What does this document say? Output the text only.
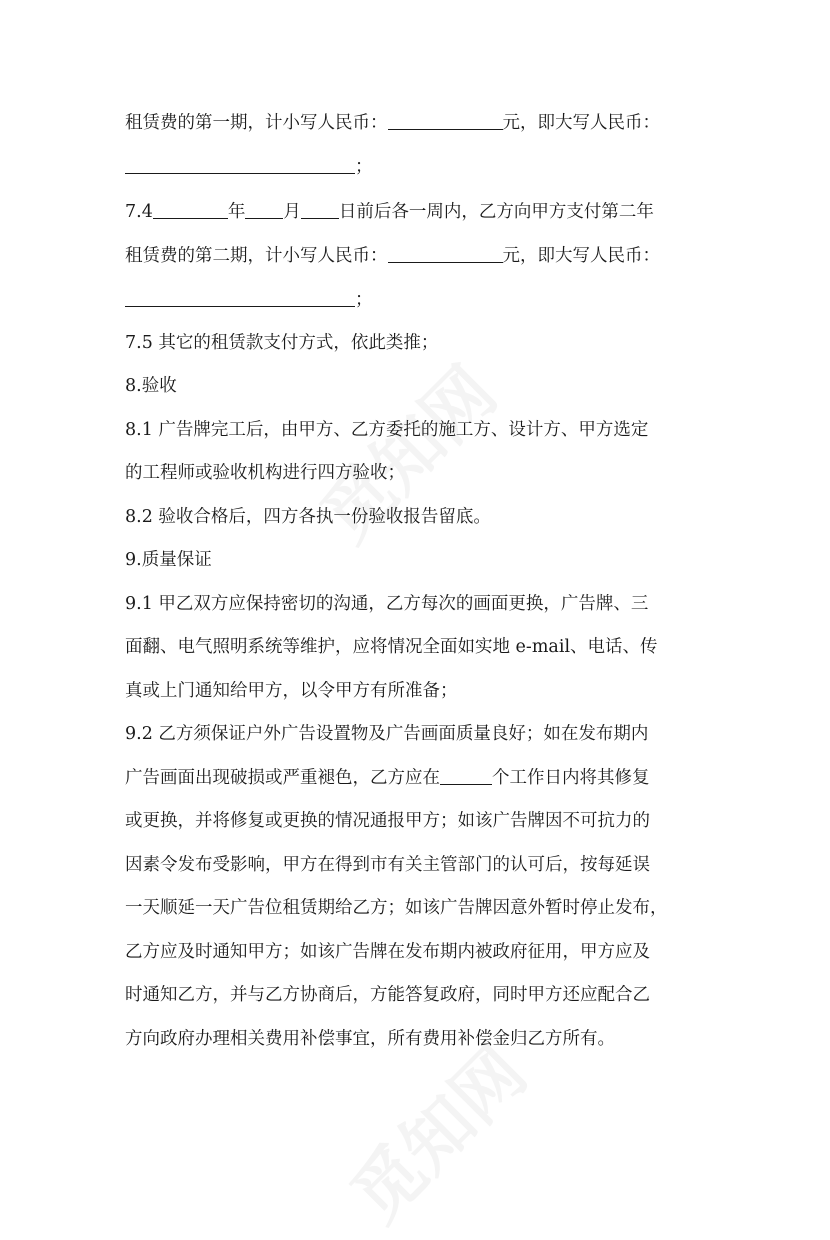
租赁费的第一期，计小写人民币：	元，即大写人民币：
；
7.4	年 月 日前后各一周内，乙方向甲方支付第二年
租赁费的第二期，计小写人民币：	元，即大写人民币：
；
7.5 其它的租赁款支付方式，依此类推；
8.验收
8.1 广告牌完工后，由甲方、乙方委托的施工方、设计方、甲方选定
的工程师或验收机构进行四方验收；
8.2 验收合格后，四方各执一份验收报告留底。
9.质量保证
9.1 甲乙双方应保持密切的沟通，乙方每次的画面更换，广告牌、三
面翻、电气照明系统等维护，应将情况全面如实地 e-mail、电话、传
真或上门通知给甲方，以令甲方有所准备；
9.2 乙方须保证户外广告设置物及广告画面质量良好；如在发布期内
广告画面出现破损或严重褪色，乙方应在	个工作日内将其修复
或更换，并将修复或更换的情况通报甲方；如该广告牌因不可抗力的
因素令发布受影响，甲方在得到市有关主管部门的认可后，按每延误
一天顺延一天广告位租赁期给乙方；如该广告牌因意外暂时停止发布，
乙方应及时通知甲方；如该广告牌在发布期内被政府征用，甲方应及
时通知乙方，并与乙方协商后，方能答复政府，同时甲方还应配合乙
方向政府办理相关费用补偿事宜，所有费用补偿金归乙方所有。
